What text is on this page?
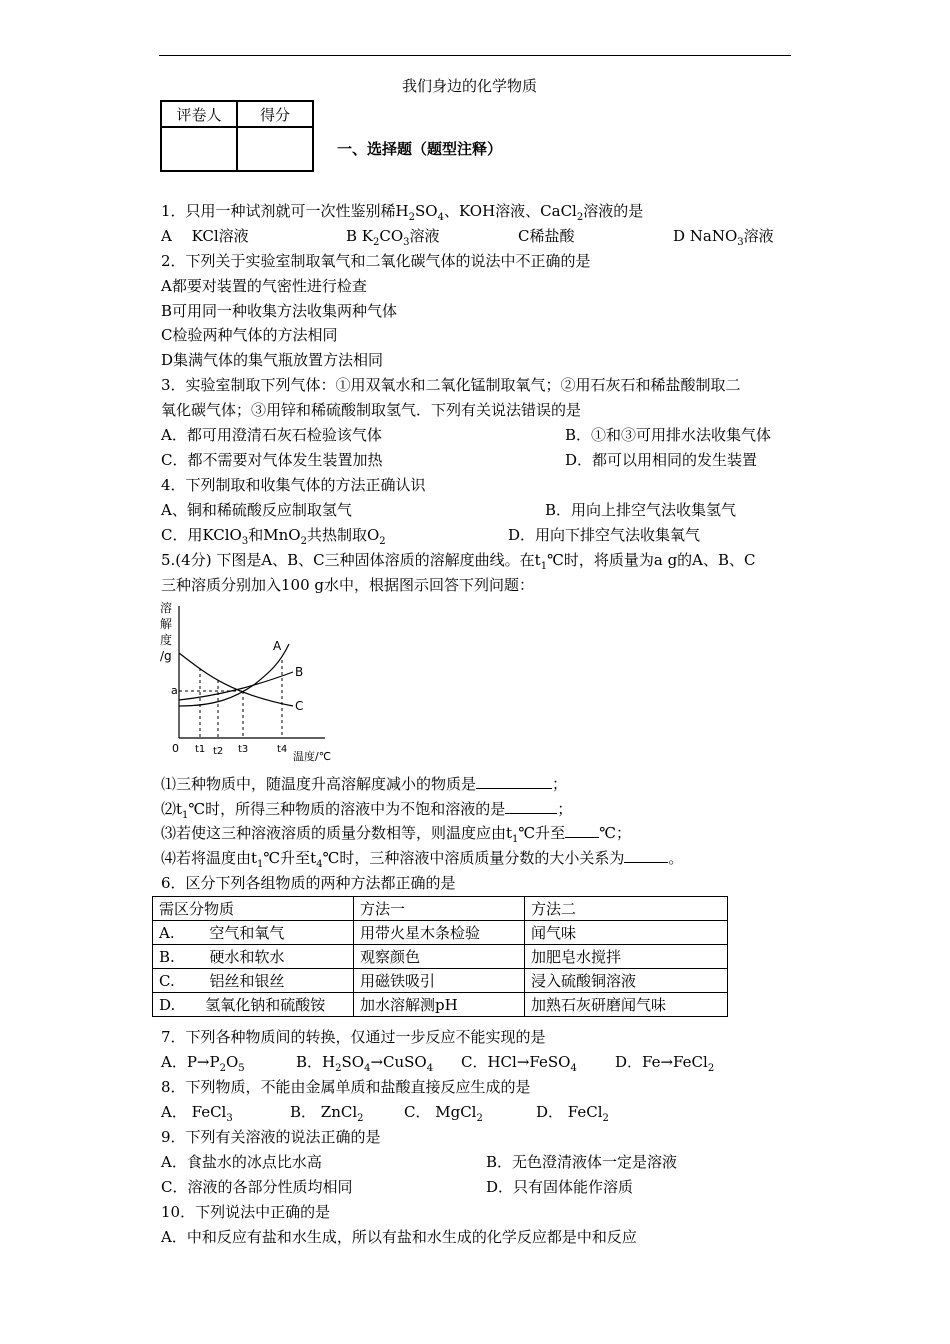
我们身边的化学物质
评卷人	得分

一、选择题（题型注释）
1．只用一种试剂就可一次性鉴别稀$H_2SO_4$、KOH溶液、CaCl$_2$溶液的是
A　 KCl溶液	B $K_2CO_3$溶液	C稀盐酸	D NaNO$_3$溶液
2．下列关于实验室制取氧气和二氧化碳气体的说法中不正确的是
A都要对装置的气密性进行检查
B可用同一种收集方法收集两种气体
C检验两种气体的方法相同
D集满气体的集气瓶放置方法相同
3．实验室制取下列气体：①用双氧水和二氧化锰制取氧气；②用石灰石和稀盐酸制取二
氧化碳气体；③用锌和稀硫酸制取氢气．下列有关说法错误的是
A．都可用澄清石灰石检验该气体	B．①和③可用排水法收集气体
C．都不需要对气体发生装置加热	D．都可以用相同的发生装置
4．下列制取和收集气体的方法正确认识
A、铜和稀硫酸反应制取氢气	B．用向上排空气法收集氢气
C．用KClO$_3$和MnO$_2$共热制取$O_2$	D．用向下排空气法收集氧气
5.(4分) 下图是A、B、C三种固体溶质的溶解度曲线。在$t_1℃$时，将质量为a g的A、B、C
三种溶质分别加入100 g水中，根据图示回答下列问题：
溶
解
度
/g
0
a
A
B
C
t1 t2 t3	t4
温度/℃
⑴三种物质中，随温度升高溶解度减小的物质是	；
$⑵t_1℃$时，所得三种物质的溶液中为不饱和溶液的是	；
⑶若使这三种溶液溶质的质量分数相等，则温度应由$t_1℃$升至 ℃；
⑷若将温度由$t_1℃$升至$t_4℃$时，三种溶液中溶质质量分数的大小关系为	。
6．区分下列各组物质的两种方法都正确的是
需区分物质	方法一	方法二
A.　　 空气和氧气	用带火星木条检验	闻气味
B.　　 硬水和软水	观察颜色	加肥皂水搅拌
C.　　 铝丝和银丝	用磁铁吸引	浸入硫酸铜溶液
D.　　氢氧化钠和硫酸铵	加水溶解测pH	加熟石灰研磨闻气味
7．下列各种物质间的转换，仅通过一步反应不能实现的是
A．$P\to P_2O_5$	B．$H_2SO_4\to CuSO_4$ C．HCl→FeSO$_4$	D．Fe→FeCl$_2$
8．下列物质，不能由金属单质和盐酸直接反应生成的是
A． FeCl$_3$	B． ZnCl$_2$	C． MgCl$_2$	D． FeCl$_2$
9．下列有关溶液的说法正确的是
A．食盐水的冰点比水高	B．无色澄清液体一定是溶液
C．溶液的各部分性质均相同	D．只有固体能作溶质
10．下列说法中正确的是
A．中和反应有盐和水生成，所以有盐和水生成的化学反应都是中和反应
